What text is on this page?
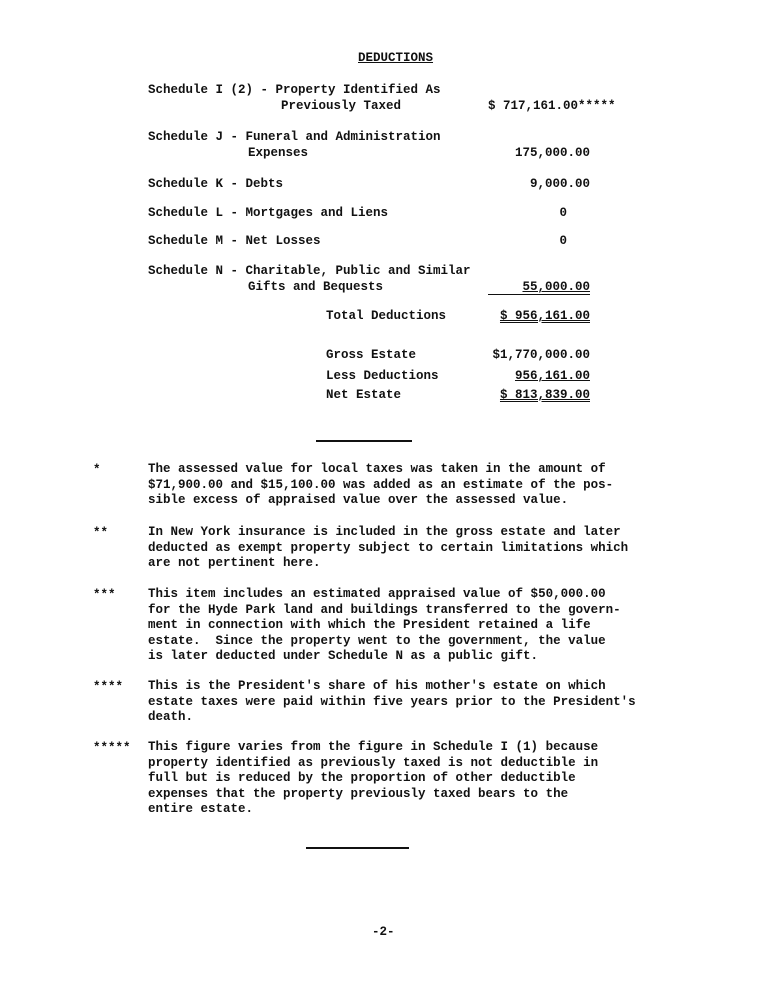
DEDUCTIONS
Schedule I (2) - Property Identified As
Previously Taxed	$ 717,161.00*****
Schedule J - Funeral and Administration
Expenses	175,000.00
Schedule K - Debts	9,000.00
Schedule L - Mortgages and Liens	0
Schedule M - Net Losses	0
Schedule N - Charitable, Public and Similar
Gifts and Bequests	55,000.00
Total Deductions	$ 956,161.00
Gross Estate	$1,770,000.00
Less Deductions	956,161.00
Net Estate	$ 813,839.00
*	The assessed value for local taxes was taken in the amount of
$71,900.00 and $15,100.00 was added as an estimate of the pos-
sible excess of appraised value over the assessed value.
**	In New York insurance is included in the gross estate and later
deducted as exempt property subject to certain limitations which
are not pertinent here.
***	This item includes an estimated appraised value of $50,000.00
for the Hyde Park land and buildings transferred to the govern-
ment in connection with which the President retained a life
estate.  Since the property went to the government, the value
is later deducted under Schedule N as a public gift.
**** This is the President's share of his mother's estate on which
estate taxes were paid within five years prior to the President's
death.
***** This figure varies from the figure in Schedule I (1) because
property identified as previously taxed is not deductible in
full but is reduced by the proportion of other deductible
expenses that the property previously taxed bears to the
entire estate.
-2-
